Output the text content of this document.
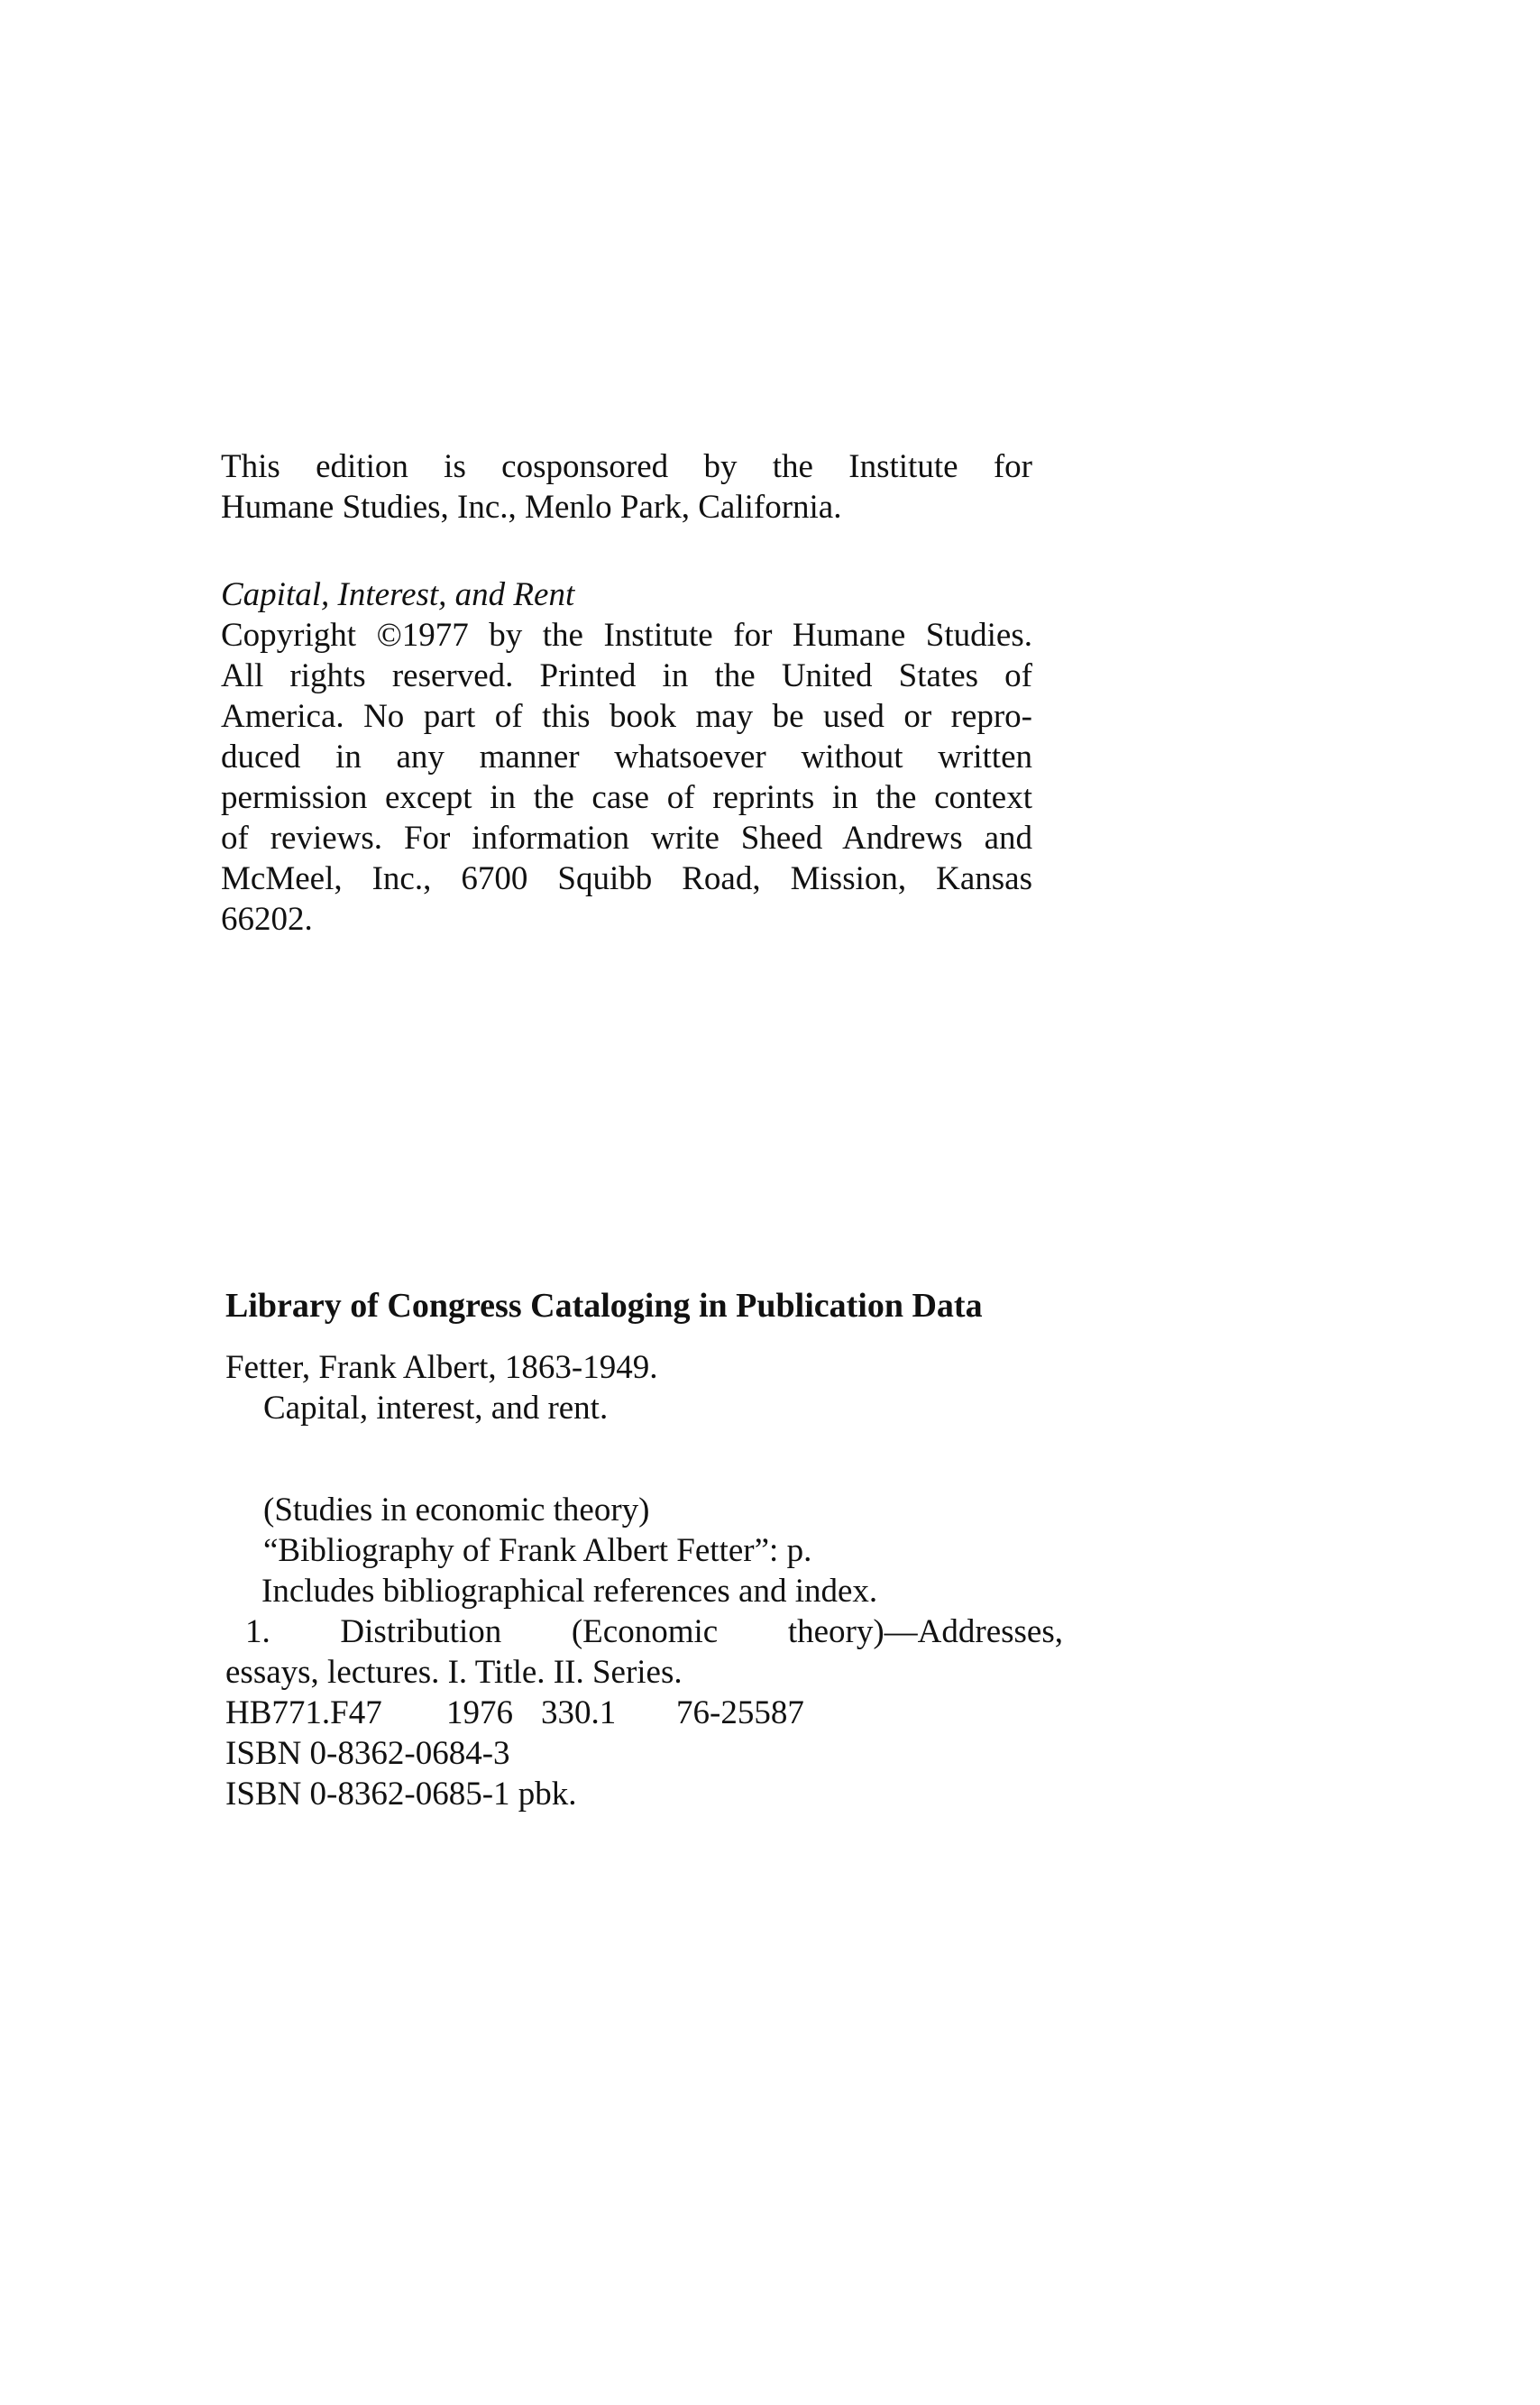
This edition is cosponsored by the Institute for
Humane Studies, Inc., Menlo Park, California.
Capital, Interest, and Rent
Copyright ©1977 by the Institute for Humane Studies.
All rights reserved. Printed in the United States of
America. No part of this book may be used or repro-
duced in any manner whatsoever without written
permission except in the case of reprints in the context
of reviews. For information write Sheed Andrews and
McMeel, Inc., 6700 Squibb Road, Mission, Kansas
66202.
Library of Congress Cataloging in Publication Data
Fetter, Frank Albert, 1863-1949.
Capital, interest, and rent.
(Studies in economic theory)
“Bibliography of Frank Albert Fetter”: p.
Includes bibliographical references and index.
1. Distribution (Economic theory)—Addresses,
essays, lectures. I. Title. II. Series.
HB771.F47 1976 330.1 76-25587
ISBN 0-8362-0684-3
ISBN 0-8362-0685-1 pbk.
